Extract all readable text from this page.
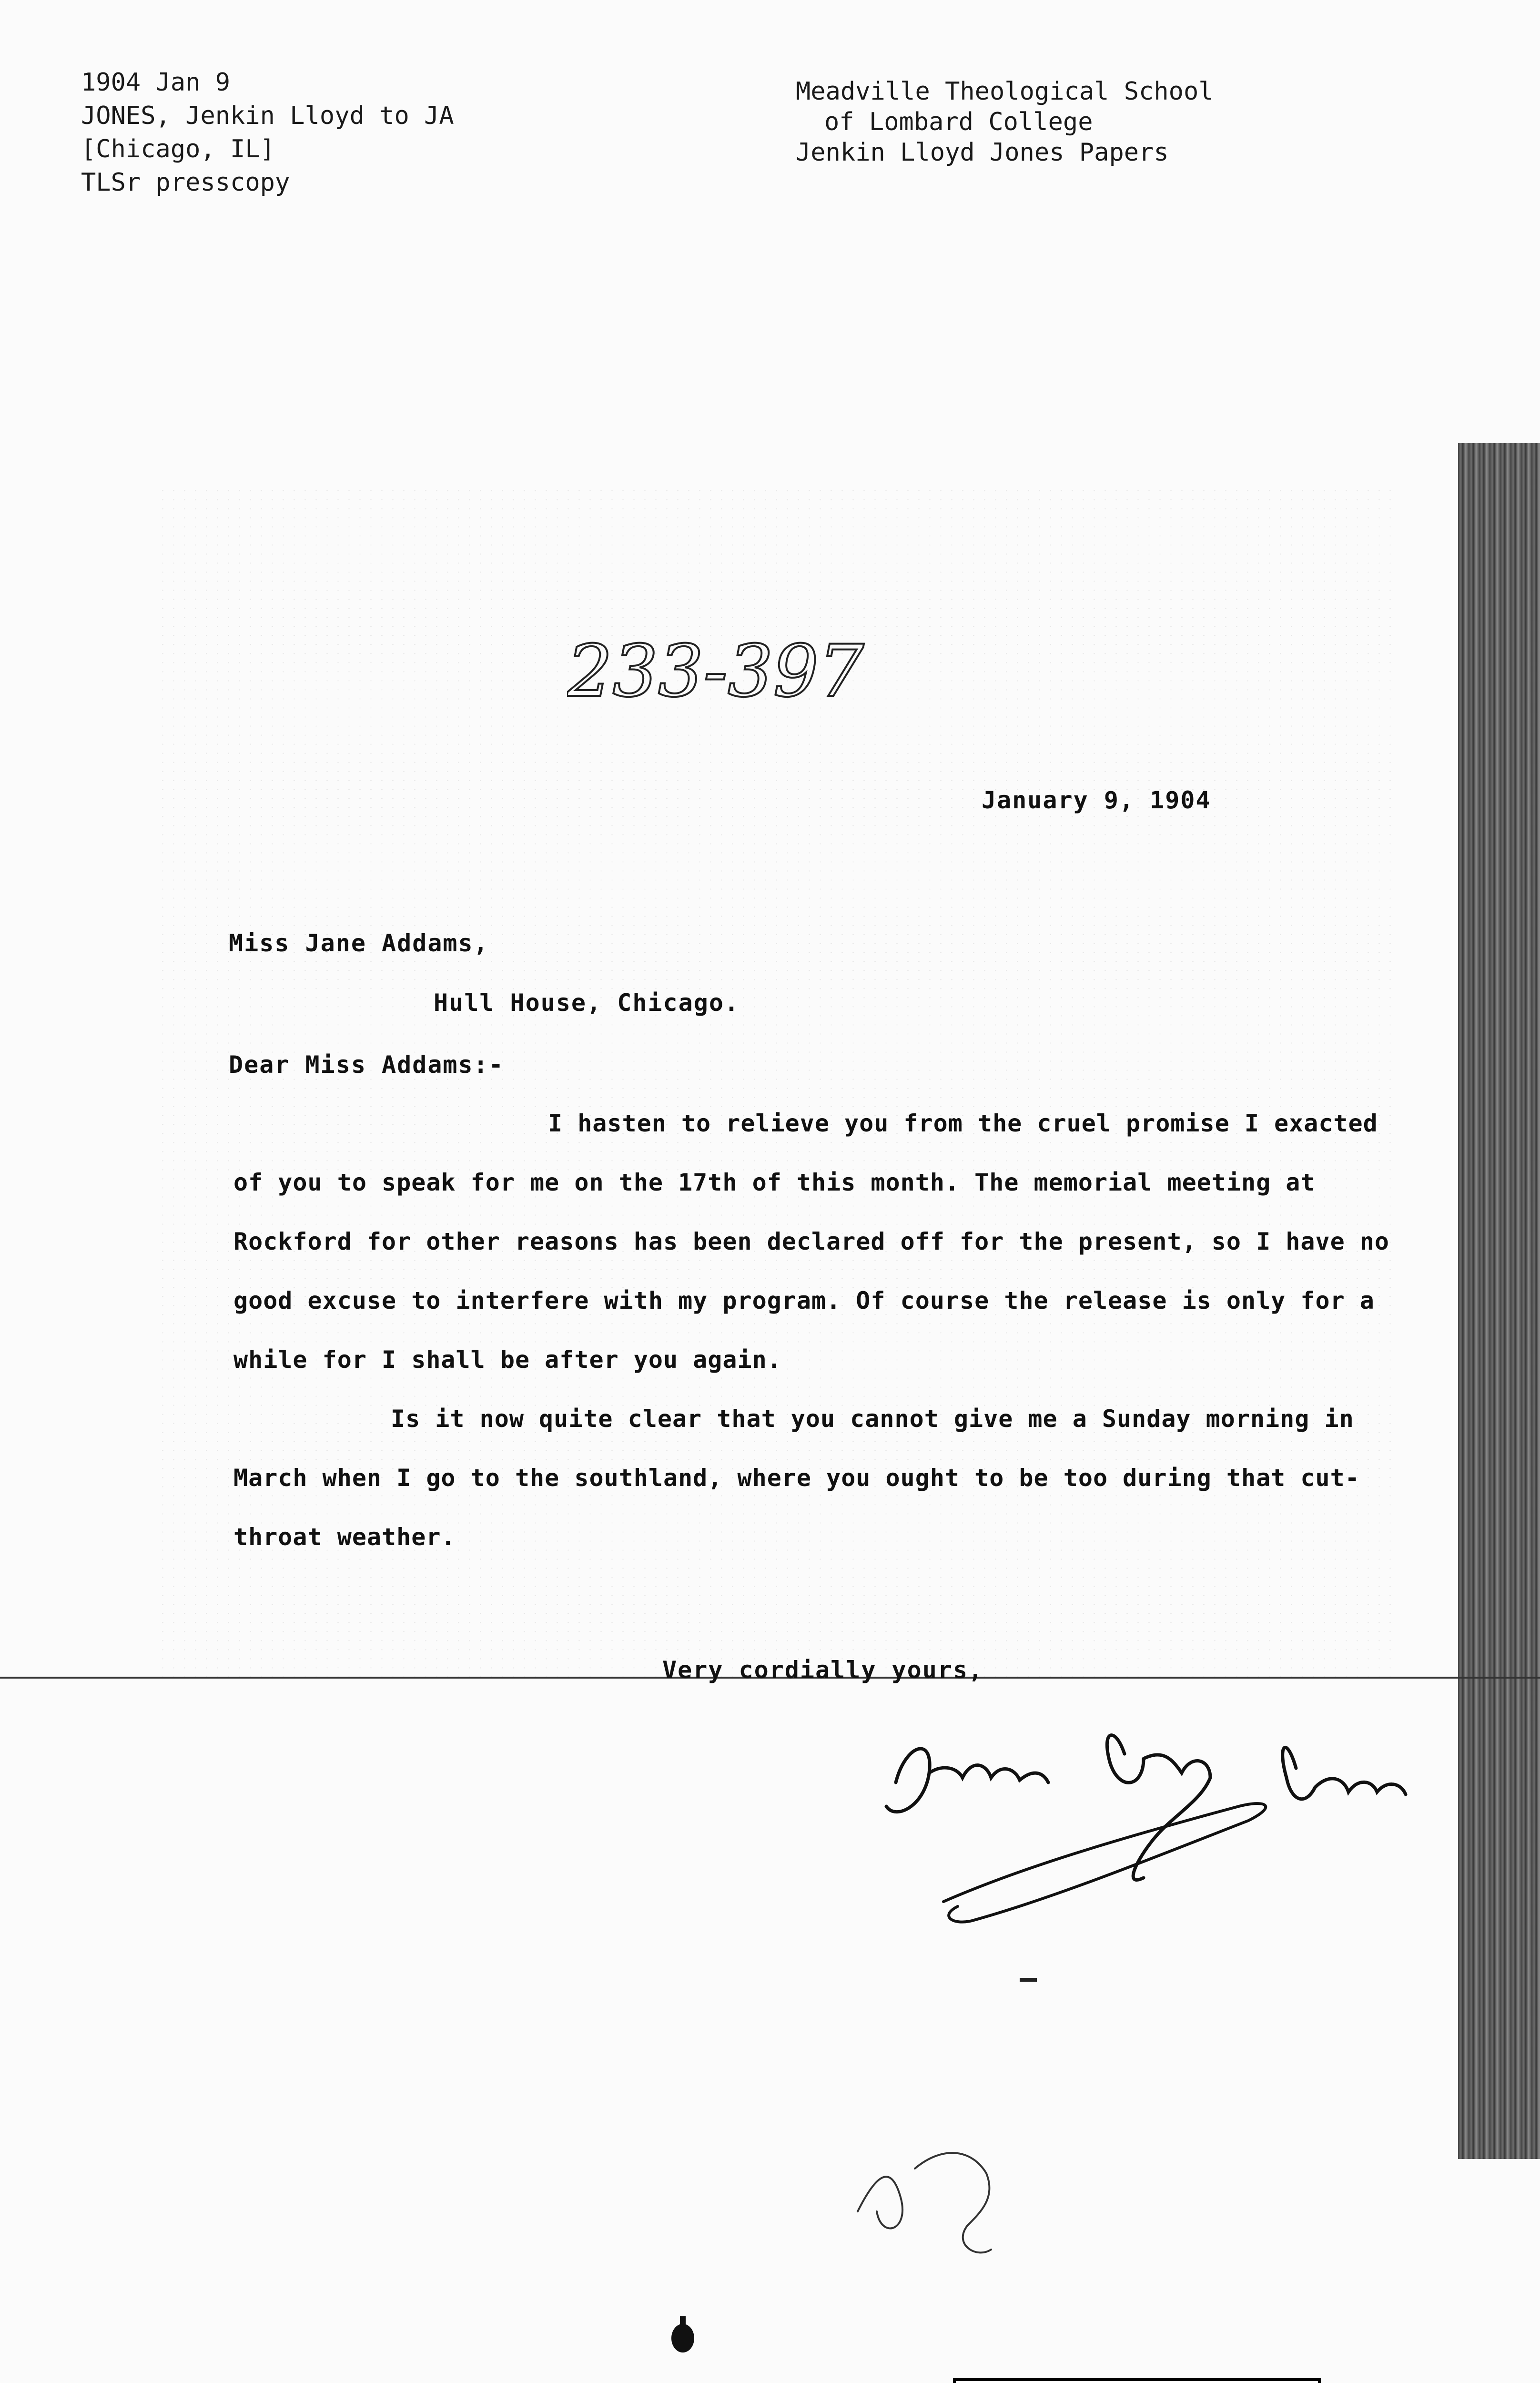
1904 Jan 9
JONES, Jenkin Lloyd to JA
[Chicago, IL]
TLSr presscopy
Meadville Theological School
of Lombard College
Jenkin Lloyd Jones Papers
233-397
January 9, 1904
Miss Jane Addams,
Hull House, Chicago.
Dear Miss Addams:-

I hasten to relieve you from the cruel promise I exacted of you to speak for me on the 17th of this month. The memorial meeting at Rockford for other reasons has been declared off for the present, so I have no good excuse to interfere with my program. Of course the release is only for a while for I shall be after you again.

Is it now quite clear that you cannot give me a Sunday morning in March when I go to the southland, where you ought to be too during that cut-throat weather.

Very cordially yours,
